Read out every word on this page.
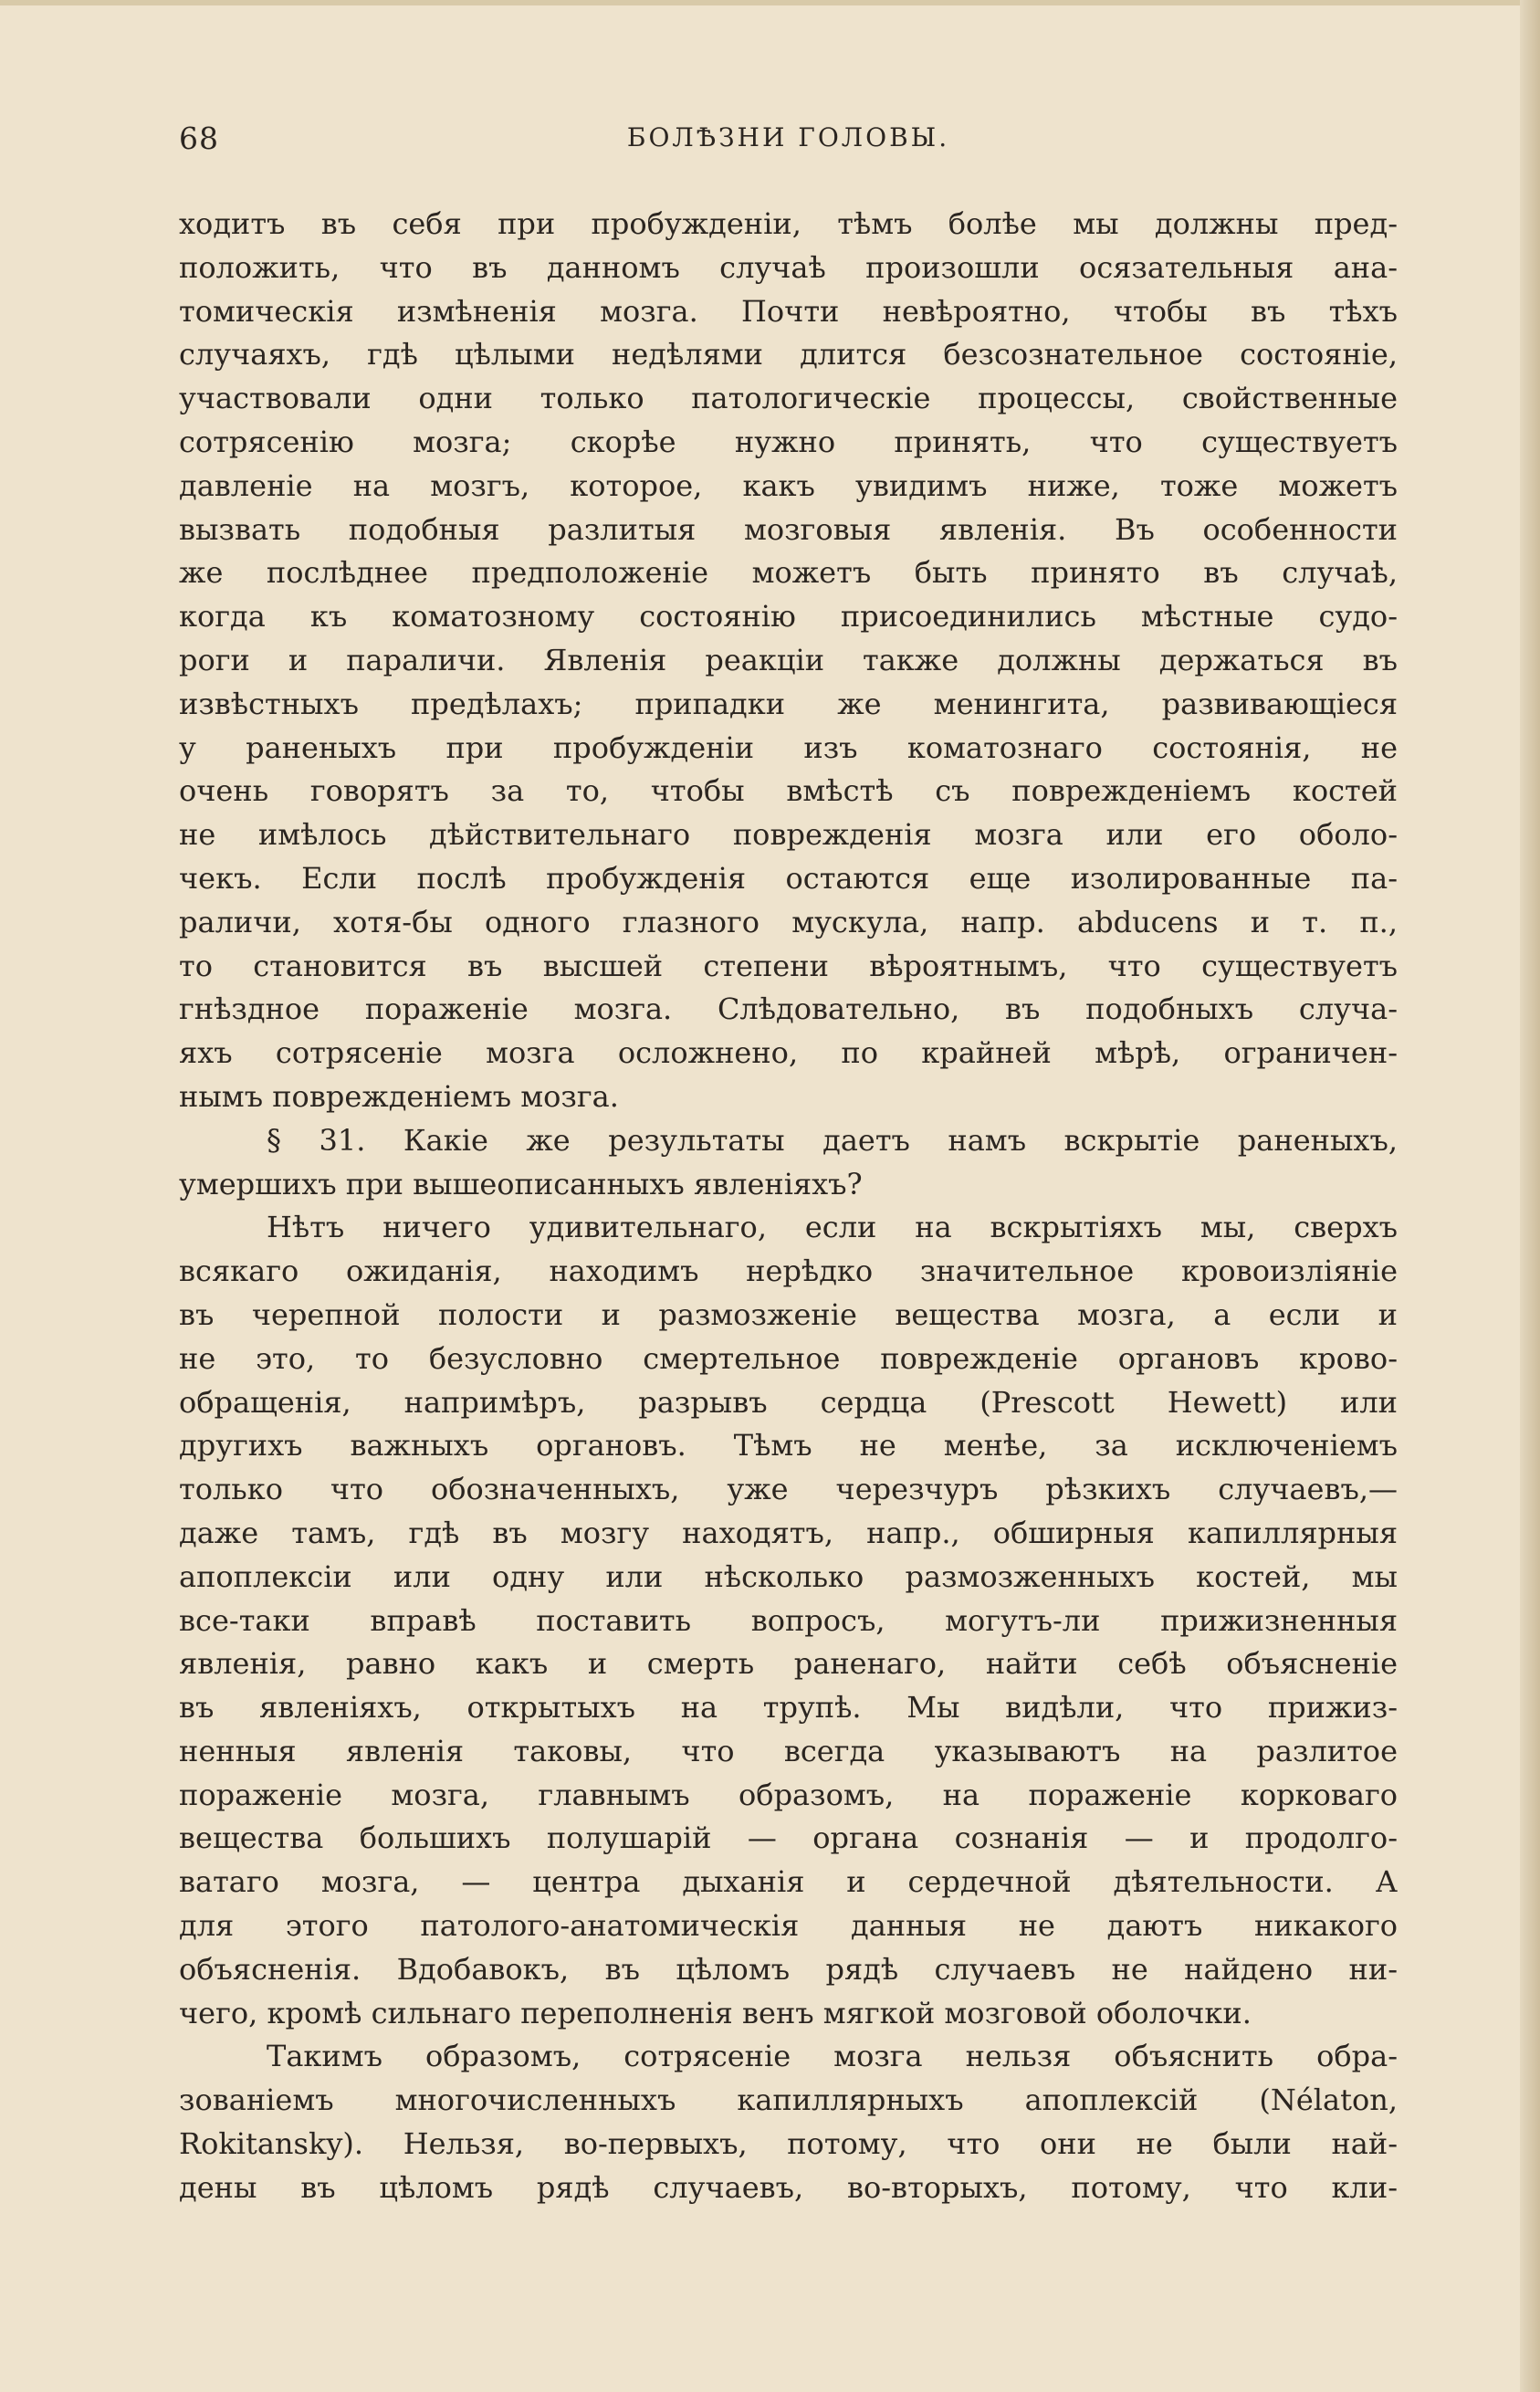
68	БОЛѢЗНИ ГОЛОВЫ.
ходитъ въ себя при пробужденіи, тѣмъ болѣе мы должны пред-
положить, что въ данномъ случаѣ произошли осязательныя ана-
томическія измѣненія мозга. Почти невѣроятно, чтобы въ тѣхъ
случаяхъ, гдѣ цѣлыми недѣлями длится безсознательное состояніе,
участвовали одни только патологическіе процессы, свойственные
сотрясенію мозга; скорѣе нужно принять, что существуетъ
давленіе на мозгъ, которое, какъ увидимъ ниже, тоже можетъ
вызвать подобныя разлитыя мозговыя явленія. Въ особенности
же послѣднее предположеніе можетъ быть принято въ случаѣ,
когда къ коматозному состоянію присоединились мѣстные судо-
роги и параличи. Явленія реакціи также должны держаться въ
извѣстныхъ предѣлахъ; припадки же менингита, развивающіеся
у раненыхъ при пробужденіи изъ коматознаго состоянія, не
очень говорятъ за то, чтобы вмѣстѣ съ поврежденіемъ костей
не имѣлось дѣйствительнаго поврежденія мозга или его оболо-
чекъ. Если послѣ пробужденія остаются еще изолированные па-
раличи, хотя-бы одного глазного мускула, напр. abducens и т. п.,
то становится въ высшей степени вѣроятнымъ, что существуетъ
гнѣздное пораженіе мозга. Слѣдовательно, въ подобныхъ случа-
яхъ сотрясеніе мозга осложнено, по крайней мѣрѣ, ограничен-
нымъ поврежденіемъ мозга.
§ 31. Какіе же результаты даетъ намъ вскрытіе раненыхъ,
умершихъ при вышеописанныхъ явленіяхъ?
Нѣтъ ничего удивительнаго, если на вскрытіяхъ мы, сверхъ
всякаго ожиданія, находимъ нерѣдко значительное кровоизліяніе
въ черепной полости и размозженіе вещества мозга, а если и
не это, то безусловно смертельное поврежденіе органовъ крово-
обращенія, напримѣръ, разрывъ сердца (Prescott Hewett) или
другихъ важныхъ органовъ. Тѣмъ не менѣе, за исключеніемъ
только что обозначенныхъ, уже черезчуръ рѣзкихъ случаевъ,—
даже тамъ, гдѣ въ мозгу находятъ, напр., обширныя капиллярныя
апоплексіи или одну или нѣсколько размозженныхъ костей, мы
все-таки вправѣ поставить вопросъ, могутъ-ли прижизненныя
явленія, равно какъ и смерть раненаго, найти себѣ объясненіе
въ явленіяхъ, открытыхъ на трупѣ. Мы видѣли, что прижиз-
ненныя явленія таковы, что всегда указываютъ на разлитое
пораженіе мозга, главнымъ образомъ, на пораженіе корковаго
вещества большихъ полушарій — органа сознанія — и продолго-
ватаго мозга, — центра дыханія и сердечной дѣятельности. А
для этого патолого-анатомическія данныя не даютъ никакого
объясненія. Вдобавокъ, въ цѣломъ рядѣ случаевъ не найдено ни-
чего, кромѣ сильнаго переполненія венъ мягкой мозговой оболочки.
Такимъ образомъ, сотрясеніе мозга нельзя объяснить обра-
зованіемъ многочисленныхъ капиллярныхъ апоплексій (Nélaton,
Rokitansky). Нельзя, во-первыхъ, потому, что они не были най-
дены въ цѣломъ рядѣ случаевъ, во-вторыхъ, потому, что кли-
